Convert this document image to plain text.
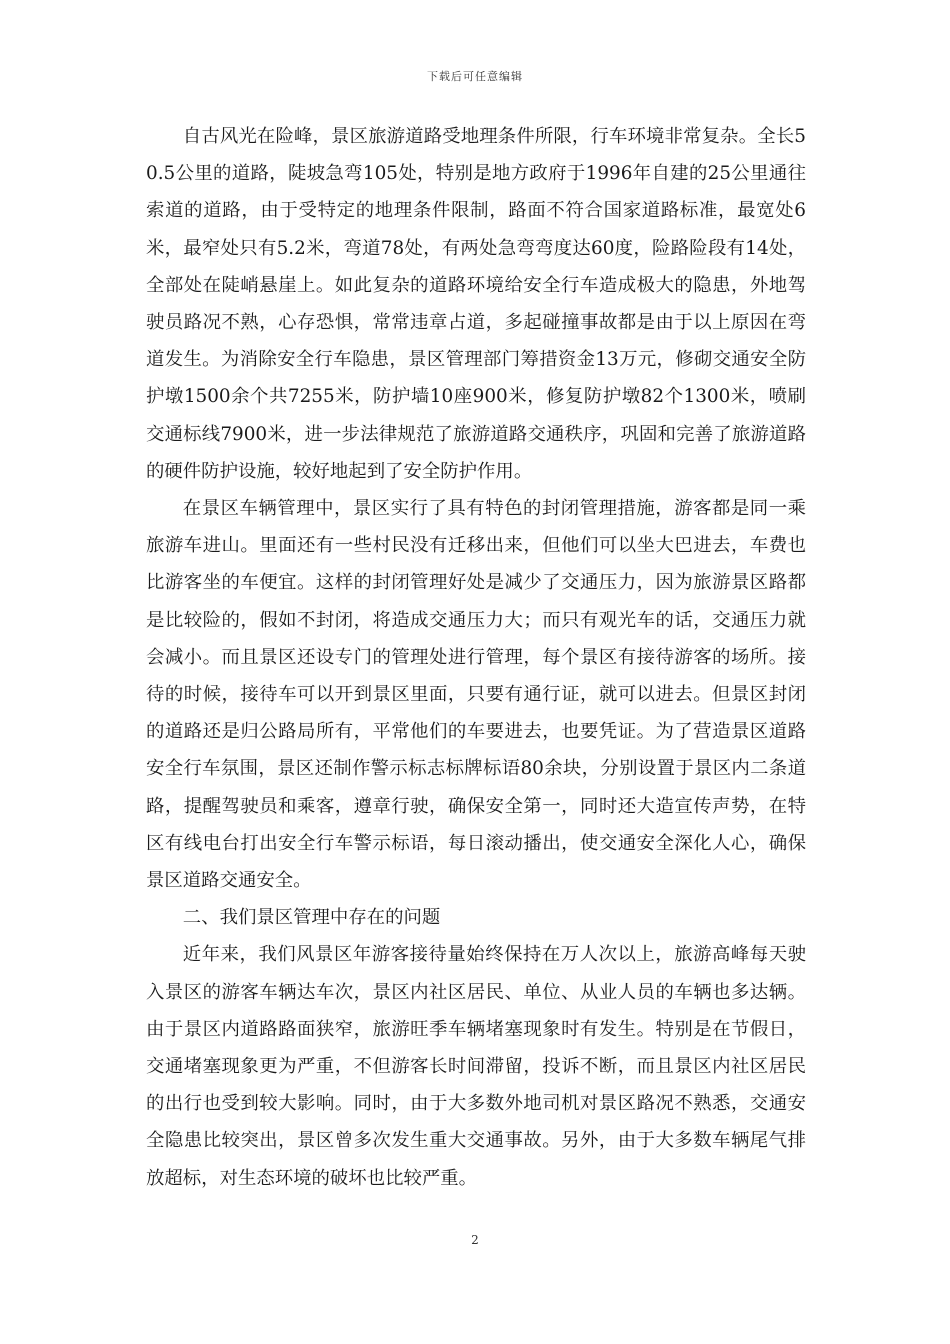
下载后可任意编辑

自古风光在险峰，景区旅游道路受地理条件所限，行车环境非常复杂。全长50.5公里的道路，陡坡急弯105处，特别是地方政府于1996年自建的25公里通往索道的道路，由于受特定的地理条件限制，路面不符合国家道路标准，最宽处6米，最窄处只有5.2米，弯道78处，有两处急弯弯度达60度，险路险段有14处，全部处在陡峭悬崖上。如此复杂的道路环境给安全行车造成极大的隐患，外地驾驶员路况不熟，心存恐惧，常常违章占道，多起碰撞事故都是由于以上原因在弯道发生。为消除安全行车隐患，景区管理部门筹措资金13万元，修砌交通安全防护墩1500余个共7255米，防护墙10座900米，修复防护墩82个1300米，喷刷交通标线7900米，进一步法律规范了旅游道路交通秩序，巩固和完善了旅游道路的硬件防护设施，较好地起到了安全防护作用。

在景区车辆管理中，景区实行了具有特色的封闭管理措施，游客都是同一乘旅游车进山。里面还有一些村民没有迁移出来，但他们可以坐大巴进去，车费也比游客坐的车便宜。这样的封闭管理好处是减少了交通压力，因为旅游景区路都是比较险的，假如不封闭，将造成交通压力大；而只有观光车的话，交通压力就会减小。而且景区还设专门的管理处进行管理，每个景区有接待游客的场所。接待的时候，接待车可以开到景区里面，只要有通行证，就可以进去。但景区封闭的道路还是归公路局所有，平常他们的车要进去，也要凭证。为了营造景区道路安全行车氛围，景区还制作警示标志标牌标语80余块，分别设置于景区内二条道路，提醒驾驶员和乘客，遵章行驶，确保安全第一，同时还大造宣传声势，在特区有线电台打出安全行车警示标语，每日滚动播出，使交通安全深化人心，确保景区道路交通安全。

二、我们景区管理中存在的问题

近年来，我们风景区年游客接待量始终保持在万人次以上，旅游高峰每天驶入景区的游客车辆达车次，景区内社区居民、单位、从业人员的车辆也多达辆。由于景区内道路路面狭窄，旅游旺季车辆堵塞现象时有发生。特别是在节假日，交通堵塞现象更为严重，不但游客长时间滞留，投诉不断，而且景区内社区居民的出行也受到较大影响。同时，由于大多数外地司机对景区路况不熟悉，交通安全隐患比较突出，景区曾多次发生重大交通事故。另外，由于大多数车辆尾气排放超标，对生态环境的破坏也比较严重。

2
